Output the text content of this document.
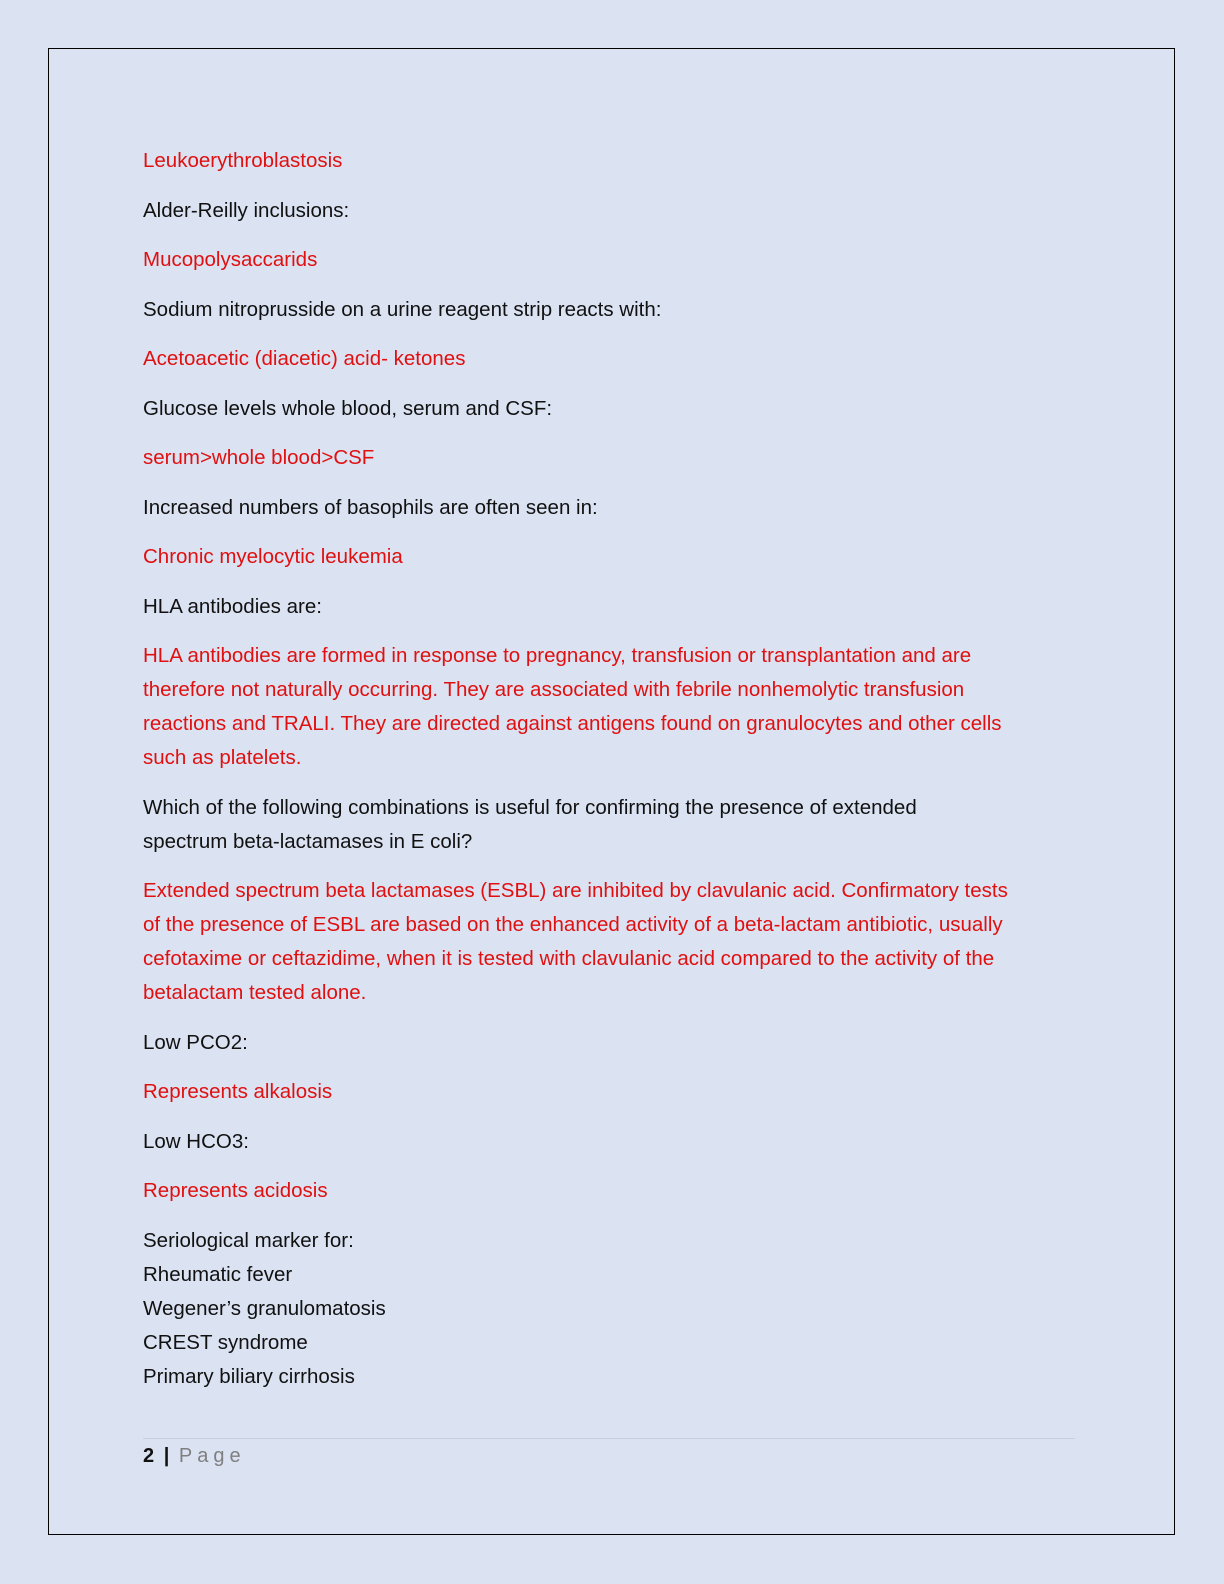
Leukoerythroblastosis

Alder-Reilly inclusions:

Mucopolysaccarids

Sodium nitroprusside on a urine reagent strip reacts with:

Acetoacetic (diacetic) acid- ketones

Glucose levels whole blood, serum and CSF:

serum>whole blood>CSF

Increased numbers of basophils are often seen in:

Chronic myelocytic leukemia

HLA antibodies are:

HLA antibodies are formed in response to pregnancy, transfusion or transplantation and are
therefore not naturally occurring. They are associated with febrile nonhemolytic transfusion
reactions and TRALI. They are directed against antigens found on granulocytes and other cells
such as platelets.

Which of the following combinations is useful for confirming the presence of extended
spectrum beta-lactamases in E coli?

Extended spectrum beta lactamases (ESBL) are inhibited by clavulanic acid. Confirmatory tests
of the presence of ESBL are based on the enhanced activity of a beta-lactam antibiotic, usually
cefotaxime or ceftazidime, when it is tested with clavulanic acid compared to the activity of the
betalactam tested alone.

Low PCO2:

Represents alkalosis

Low HCO3:

Represents acidosis

Seriological marker for:
Rheumatic fever
Wegener’s granulomatosis
CREST syndrome
Primary biliary cirrhosis

2 | Page
